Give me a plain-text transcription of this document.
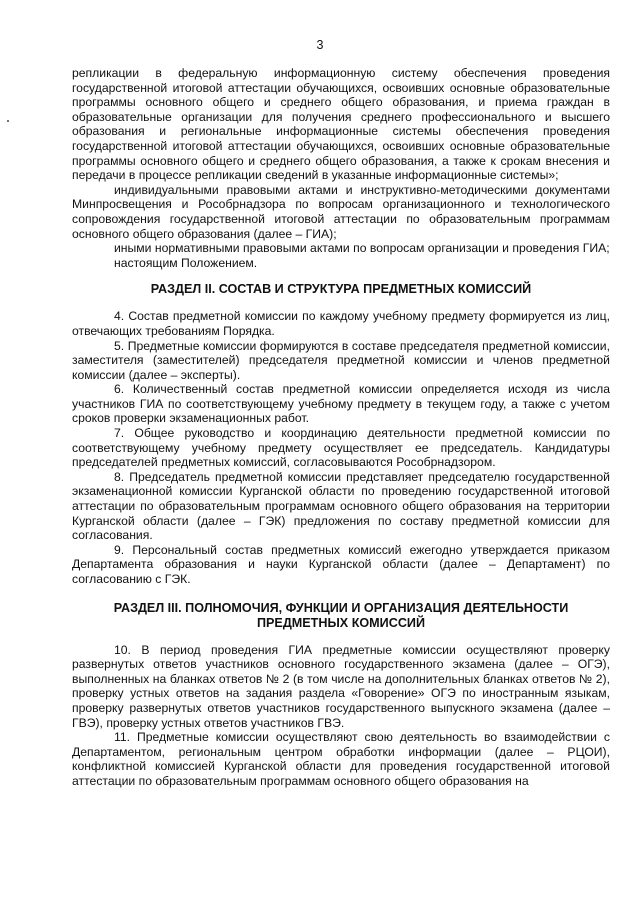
3

репликации в федеральную информационную систему обеспечения проведения государственной итоговой аттестации обучающихся, освоивших основные образовательные программы основного общего и среднего общего образования, и приема граждан в образовательные организации для получения среднего профессионального и высшего образования и региональные информационные системы обеспечения проведения государственной итоговой аттестации обучающихся, освоивших основные образовательные программы основного общего и среднего общего образования, а также к срокам внесения и передачи в процессе репликации сведений в указанные информационные системы»;

индивидуальными правовыми актами и инструктивно-методическими документами Минпросвещения и Рособрнадзора по вопросам организационного и технологического сопровождения государственной итоговой аттестации по образовательным программам основного общего образования (далее – ГИА);

иными нормативными правовыми актами по вопросам организации и проведения ГИА;

настоящим Положением.

РАЗДЕЛ II. СОСТАВ И СТРУКТУРА ПРЕДМЕТНЫХ КОМИССИЙ

4. Состав предметной комиссии по каждому учебному предмету формируется из лиц, отвечающих требованиям Порядка.

5. Предметные комиссии формируются в составе председателя предметной комиссии, заместителя (заместителей) председателя предметной комиссии и членов предметной комиссии (далее – эксперты).

6. Количественный состав предметной комиссии определяется исходя из числа участников ГИА по соответствующему учебному предмету в текущем году, а также с учетом сроков проверки экзаменационных работ.

7. Общее руководство и координацию деятельности предметной комиссии по соответствующему учебному предмету осуществляет ее председатель. Кандидатуры председателей предметных комиссий, согласовываются Рособрнадзором.

8. Председатель предметной комиссии представляет председателю государственной экзаменационной комиссии Курганской области по проведению государственной итоговой аттестации по образовательным программам основного общего образования на территории Курганской области (далее – ГЭК) предложения по составу предметной комиссии для согласования.

9. Персональный состав предметных комиссий ежегодно утверждается приказом Департамента образования и науки Курганской области (далее – Департамент) по согласованию с ГЭК.

РАЗДЕЛ III. ПОЛНОМОЧИЯ, ФУНКЦИИ И ОРГАНИЗАЦИЯ ДЕЯТЕЛЬНОСТИ
ПРЕДМЕТНЫХ КОМИССИЙ

10. В период проведения ГИА предметные комиссии осуществляют проверку развернутых ответов участников основного государственного экзамена (далее – ОГЭ), выполненных на бланках ответов № 2 (в том числе на дополнительных бланках ответов № 2), проверку устных ответов на задания раздела «Говорение» ОГЭ по иностранным языкам, проверку развернутых ответов участников государственного выпускного экзамена (далее – ГВЭ), проверку устных ответов участников ГВЭ.

11. Предметные комиссии осуществляют свою деятельность во взаимодействии с Департаментом, региональным центром обработки информации (далее – РЦОИ), конфликтной комиссией Курганской области для проведения государственной итоговой аттестации по образовательным программам основного общего образования на
